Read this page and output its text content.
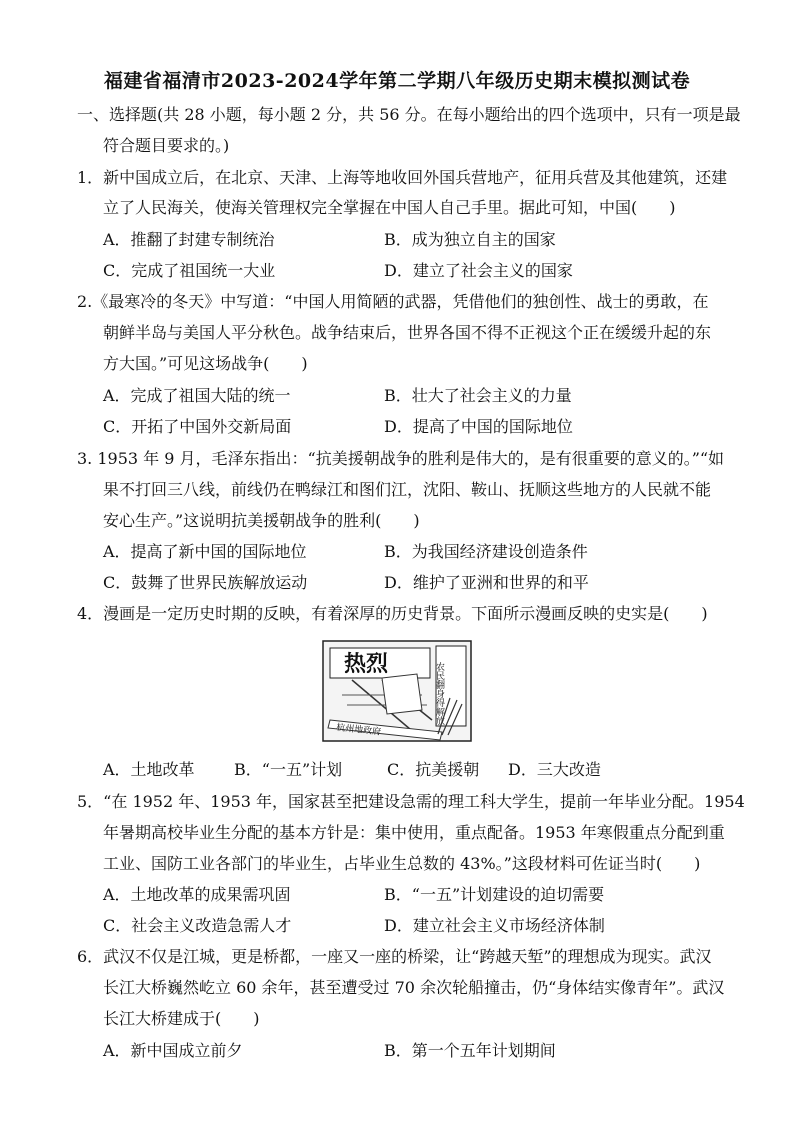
福建省福清市2023-2024学年第二学期八年级历史期末模拟测试卷
一、选择题(共 28 小题，每小题 2 分，共 56 分。在每小题给出的四个选项中，只有一项是最
符合题目要求的。)
1．新中国成立后，在北京、天津、上海等地收回外国兵营地产，征用兵营及其他建筑，还建
立了人民海关，使海关管理权完全掌握在中国人自己手里。据此可知，中国(　　)
A．推翻了封建专制统治	B．成为独立自主的国家
C．完成了祖国统一大业	D．建立了社会主义的国家
2.《最寒冷的冬天》中写道：“中国人用简陋的武器，凭借他们的独创性、战士的勇敢，在
朝鲜半岛与美国人平分秋色。战争结束后，世界各国不得不正视这个正在缓缓升起的东
方大国。”可见这场战争(　　)
A．完成了祖国大陆的统一	B．壮大了社会主义的力量
C．开拓了中国外交新局面	D．提高了中国的国际地位
3. 1953 年 9 月，毛泽东指出：“抗美援朝战争的胜利是伟大的，是有很重要的意义的。”“如
果不打回三八线，前线仍在鸭绿江和图们江，沈阳、鞍山、抚顺这些地方的人民就不能
安心生产。”这说明抗美援朝战争的胜利(　　)
A．提高了新中国的国际地位	B．为我国经济建设创造条件
C．鼓舞了世界民族解放运动	D．维护了亚洲和世界的和平
4．漫画是一定历史时期的反映，有着深厚的历史背景。下面所示漫画反映的史实是(　　)
热烈	农民翻身得解放
杭州地政府
A．土地改革 B．“一五”计划	C．抗美援朝 D．三大改造
5．“在 1952 年、1953 年，国家甚至把建设急需的理工科大学生，提前一年毕业分配。1954
年暑期高校毕业生分配的基本方针是：集中使用，重点配备。1953 年寒假重点分配到重
工业、国防工业各部门的毕业生，占毕业生总数的 43%。”这段材料可佐证当时(　　)
A．土地改革的成果需巩固	B．“一五”计划建设的迫切需要
C．社会主义改造急需人才	D．建立社会主义市场经济体制
6．武汉不仅是江城，更是桥都，一座又一座的桥梁，让“跨越天堑”的理想成为现实。武汉
长江大桥巍然屹立 60 余年，甚至遭受过 70 余次轮船撞击，仍“身体结实像青年”。武汉
长江大桥建成于(　　)
A．新中国成立前夕	B．第一个五年计划期间
